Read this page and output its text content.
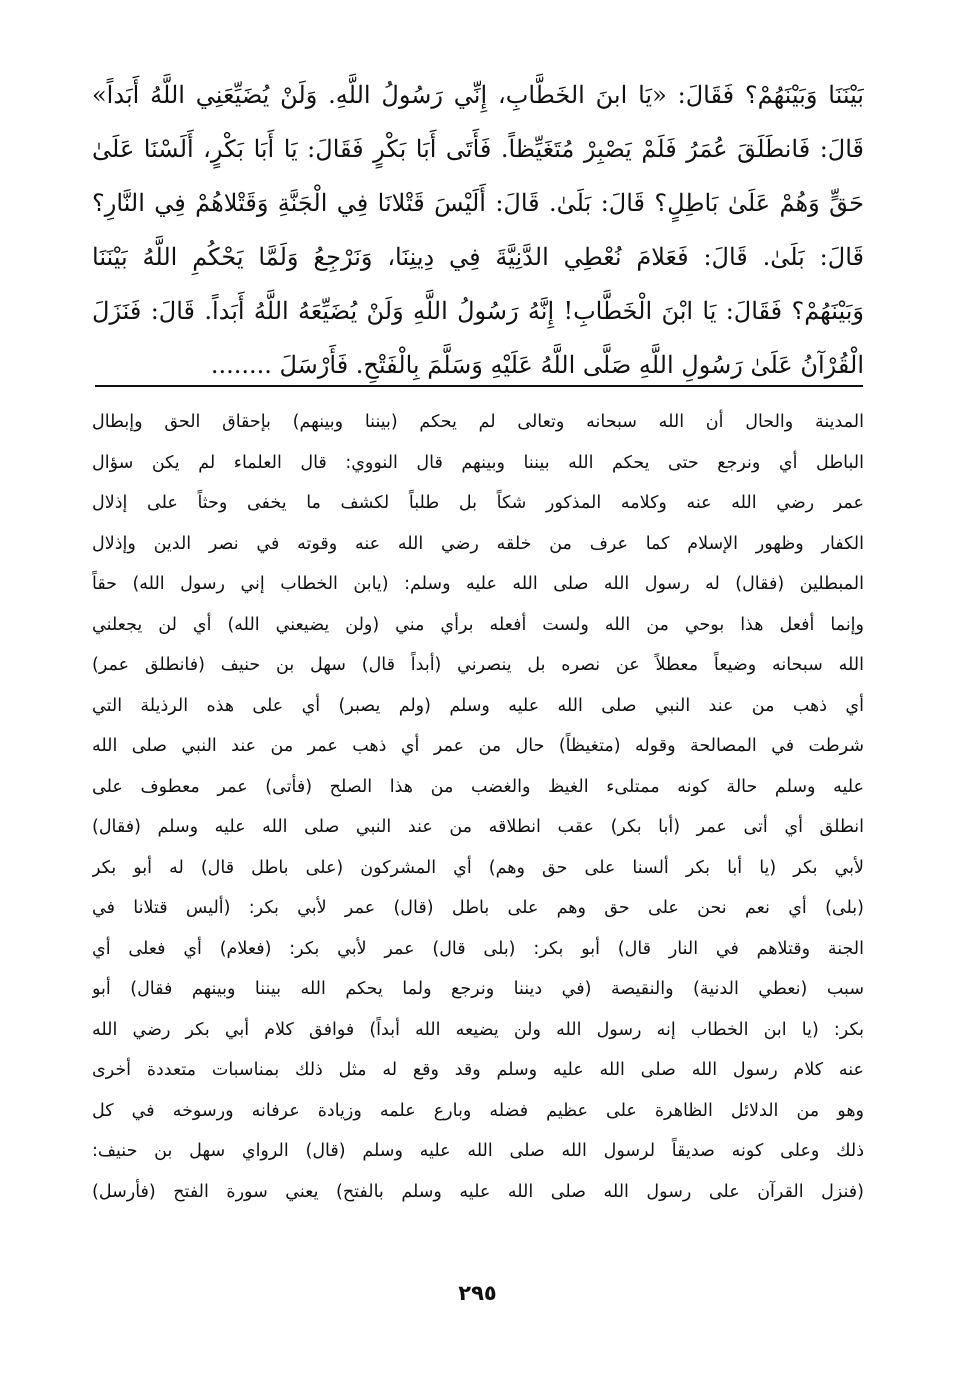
بَيْنَنَا وَبَيْنَهُمْ؟ فَقَالَ: «يَا ابنَ الخَطَّابِ، إِنِّي رَسُولُ اللَّهِ. وَلَنْ يُضَيِّعَنِي اللَّهُ أَبَداً»
قَالَ: فَانطَلَقَ عُمَرُ فَلَمْ يَصْبِرْ مُتَغَيِّظاً. فَأَتَى أَبَا بَكْرٍ فَقَالَ: يَا أَبَا بَكْرٍ، أَلَسْنَا عَلَىٰ
حَقٍّ وَهُمْ عَلَىٰ بَاطِلٍ؟ قَالَ: بَلَىٰ. قَالَ: أَلَيْسَ قَتْلانَا فِي الْجَنَّةِ وَقَتْلاهُمْ فِي النَّارِ؟
قَالَ: بَلَىٰ. قَالَ: فَعَلامَ نُعْطِي الدَّنِيَّةَ فِي دِينِنَا، وَنَرْجِعُ وَلَمَّا يَحْكُمِ اللَّهُ بَيْنَنَا
وَبَيْنَهُمْ؟ فَقَالَ: يَا ابْنَ الْخَطَّابِ! إِنَّهُ رَسُولُ اللَّهِ وَلَنْ يُضَيِّعَهُ اللَّهُ أَبَداً. قَالَ: فَنَزَلَ
الْقُرْآنُ عَلَىٰ رَسُولِ اللَّهِ صَلَّى اللَّهُ عَلَيْهِ وَسَلَّمَ بِالْفَتْحِ. فَأَرْسَلَ ........
المدينة والحال أن الله سبحانه وتعالى لم يحكم (بيننا وبينهم) بإحقاق الحق وإبطال
الباطل أي ونرجع حتى يحكم الله بيننا وبينهم قال النووي: قال العلماء لم يكن سؤال
عمر رضي الله عنه وكلامه المذكور شكاً بل طلباً لكشف ما يخفى وحثاً على إذلال
الكفار وظهور الإسلام كما عرف من خلقه رضي الله عنه وقوته في نصر الدين وإذلال
المبطلين (فقال) له رسول الله صلى الله عليه وسلم: (يابن الخطاب إني رسول الله) حقاً
وإنما أفعل هذا بوحي من الله ولست أفعله برأي مني (ولن يضيعني الله) أي لن يجعلني
الله سبحانه وضيعاً معطلاً عن نصره بل ينصرني (أبداً قال) سهل بن حنيف (فانطلق عمر)
أي ذهب من عند النبي صلى الله عليه وسلم (ولم يصبر) أي على هذه الرذيلة التي
شرطت في المصالحة وقوله (متغيظاً) حال من عمر أي ذهب عمر من عند النبي صلى الله
عليه وسلم حالة كونه ممتلىء الغيظ والغضب من هذا الصلح (فأتى) عمر معطوف على
انطلق أي أتى عمر (أبا بكر) عقب انطلاقه من عند النبي صلى الله عليه وسلم (فقال)
لأبي بكر (يا أبا بكر ألسنا على حق وهم) أي المشركون (على باطل قال) له أبو بكر
(بلى) أي نعم نحن على حق وهم على باطل (قال) عمر لأبي بكر: (أليس قتلانا في
الجنة وقتلاهم في النار قال) أبو بكر: (بلى قال) عمر لأبي بكر: (فعلام) أي فعلى أي
سبب (نعطي الدنية) والنقيصة (في ديننا ونرجع ولما يحكم الله بيننا وبينهم فقال) أبو
بكر: (يا ابن الخطاب إنه رسول الله ولن يضيعه الله أبداً) فوافق كلام أبي بكر رضي الله
عنه كلام رسول الله صلى الله عليه وسلم وقد وقع له مثل ذلك بمناسبات متعددة أخرى
وهو من الدلائل الظاهرة على عظيم فضله وبارع علمه وزيادة عرفانه ورسوخه في كل
ذلك وعلى كونه صديقاً لرسول الله صلى الله عليه وسلم (قال) الرواي سهل بن حنيف:
(فنزل القرآن على رسول الله صلى الله عليه وسلم بالفتح) يعني سورة الفتح (فأرسل)
٢٩٥
